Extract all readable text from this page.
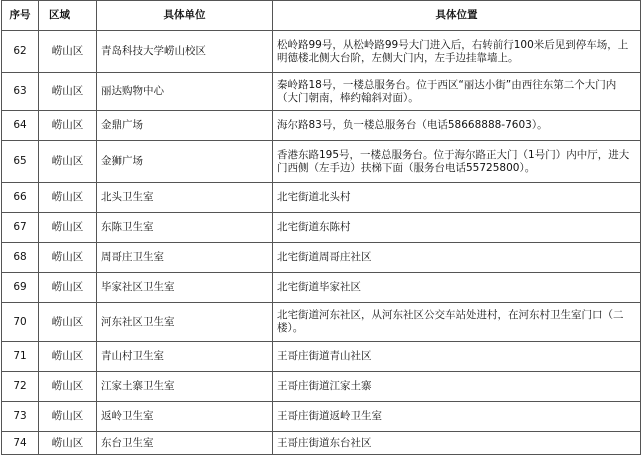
序号	区域	具体单位	具体位置
62	崂山区	青岛科技大学崂山校区	松岭路99号，从松岭路99号大门进入后，右转前行100米后见到停车场，上明德楼北侧大台阶，左侧大门内，左手边挂靠墙上。
63	崂山区	丽达购物中心	秦岭路18号，一楼总服务台。位于西区“丽达小街”由西往东第二个大门内（大门朝南，棒约翰斜对面）。
64	崂山区	金鼎广场	海尔路83号，负一楼总服务台（电话58668888-7603）。
65	崂山区	金狮广场	香港东路195号，一楼总服务台。位于海尔路正大门（1号门）内中厅，进大门西侧（左手边）扶梯下面（服务台电话55725800）。
66	崂山区	北头卫生室	北宅街道北头村
67	崂山区	东陈卫生室	北宅街道东陈村
68	崂山区	周哥庄卫生室	北宅街道周哥庄社区
69	崂山区	毕家社区卫生室	北宅街道毕家社区
70	崂山区	河东社区卫生室	北宅街道河东社区，从河东社区公交车站处进村，在河东村卫生室门口（二楼）。
71	崂山区	青山村卫生室	王哥庄街道青山社区
72	崂山区	江家土寨卫生室	王哥庄街道江家土寨
73	崂山区	返岭卫生室	王哥庄街道返岭卫生室
74	崂山区	东台卫生室	王哥庄街道东台社区
